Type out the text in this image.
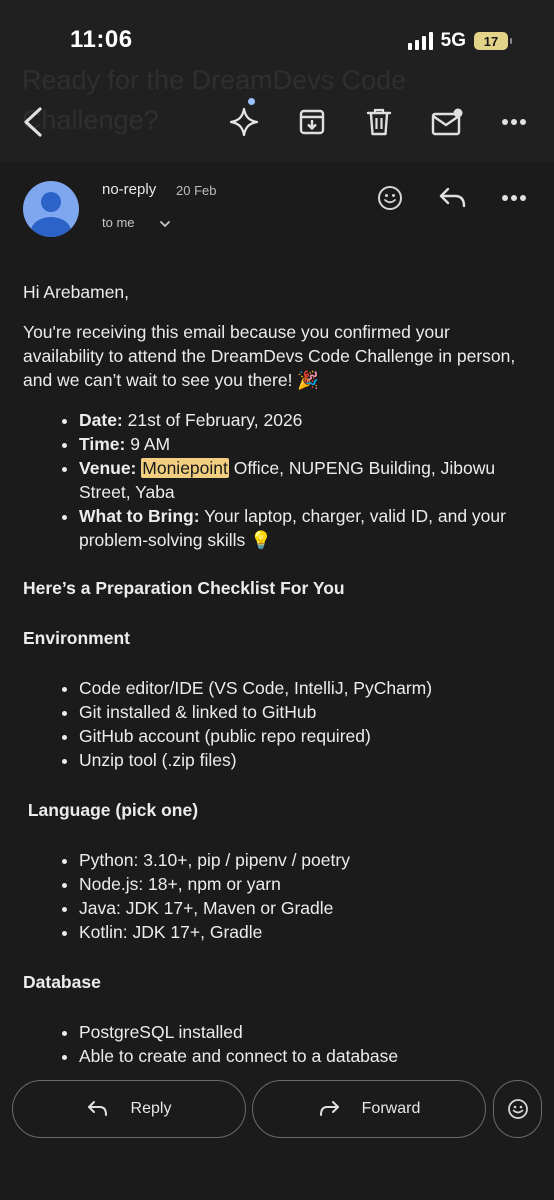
Ready for the DreamDevs Code Challenge?
11:06	5G 17
no-reply 20 Feb
to me

Hi Arebamen,

You're receiving this email because you confirmed your availability to attend the DreamDevs Code Challenge in person, and we can’t wait to see you there! 🎉

• Date: 21st of February, 2026
• Time: 9 AM
• Venue: Moniepoint Office, NUPENG Building, Jibowu Street, Yaba
• What to Bring: Your laptop, charger, valid ID, and your problem-solving skills 💡

Here’s a Preparation Checklist For You

Environment

• Code editor/IDE (VS Code, IntelliJ, PyCharm)
• Git installed & linked to GitHub
• GitHub account (public repo required)
• Unzip tool (.zip files)

Language (pick one)

• Python: 3.10+, pip / pipenv / poetry
• Node.js: 18+, npm or yarn
• Java: JDK 17+, Maven or Gradle
• Kotlin: JDK 17+, Gradle

Database

• PostgreSQL installed
• Able to create and connect to a database
Reply	Forward
